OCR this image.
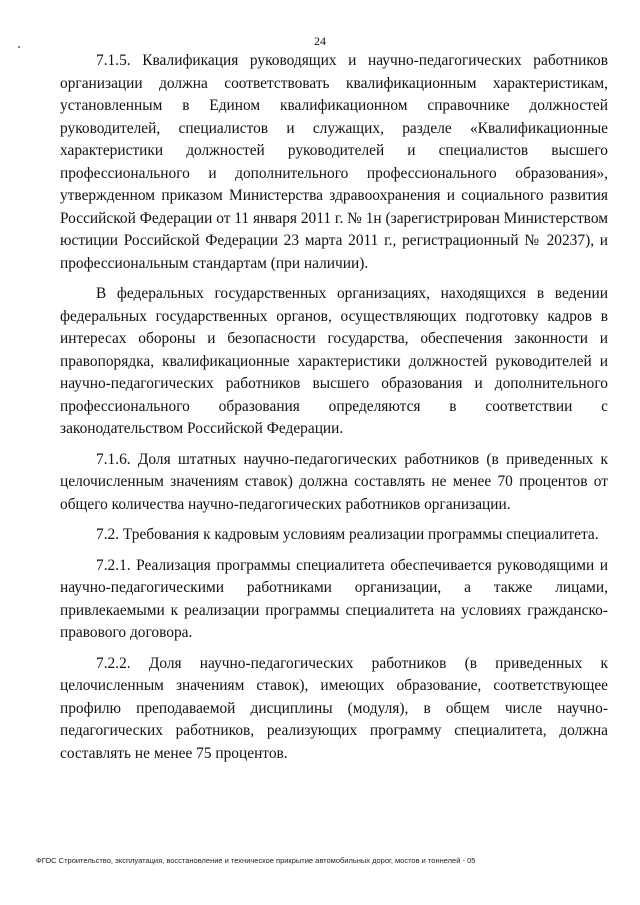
24

7.1.5. Квалификация руководящих и научно-педагогических работников организации должна соответствовать квалификационным характеристикам, установленным в Едином квалификационном справочнике должностей руководителей, специалистов и служащих, разделе «Квалификационные характеристики должностей руководителей и специалистов высшего профессионального и дополнительного профессионального образования», утвержденном приказом Министерства здравоохранения и социального развития Российской Федерации от 11 января 2011 г. № 1н (зарегистрирован Министерством юстиции Российской Федерации 23 марта 2011 г., регистрационный № 20237), и профессиональным стандартам (при наличии).

В федеральных государственных организациях, находящихся в ведении федеральных государственных органов, осуществляющих подготовку кадров в интересах обороны и безопасности государства, обеспечения законности и правопорядка, квалификационные характеристики должностей руководителей и научно-педагогических работников высшего образования и дополнительного профессионального образования определяются в соответствии с законодательством Российской Федерации.

7.1.6. Доля штатных научно-педагогических работников (в приведенных к целочисленным значениям ставок) должна составлять не менее 70 процентов от общего количества научно-педагогических работников организации.

7.2. Требования к кадровым условиям реализации программы специалитета.

7.2.1. Реализация программы специалитета обеспечивается руководящими и научно-педагогическими работниками организации, а также лицами, привлекаемыми к реализации программы специалитета на условиях гражданско-правового договора.

7.2.2. Доля научно-педагогических работников (в приведенных к целочисленным значениям ставок), имеющих образование, соответствующее профилю преподаваемой дисциплины (модуля), в общем числе научно-педагогических работников, реализующих программу специалитета, должна составлять не менее 75 процентов.

ФГОС Строительство, эксплуатация, восстановление и техническое прикрытие автомобильных дорог, мостов и тоннелей - 05
